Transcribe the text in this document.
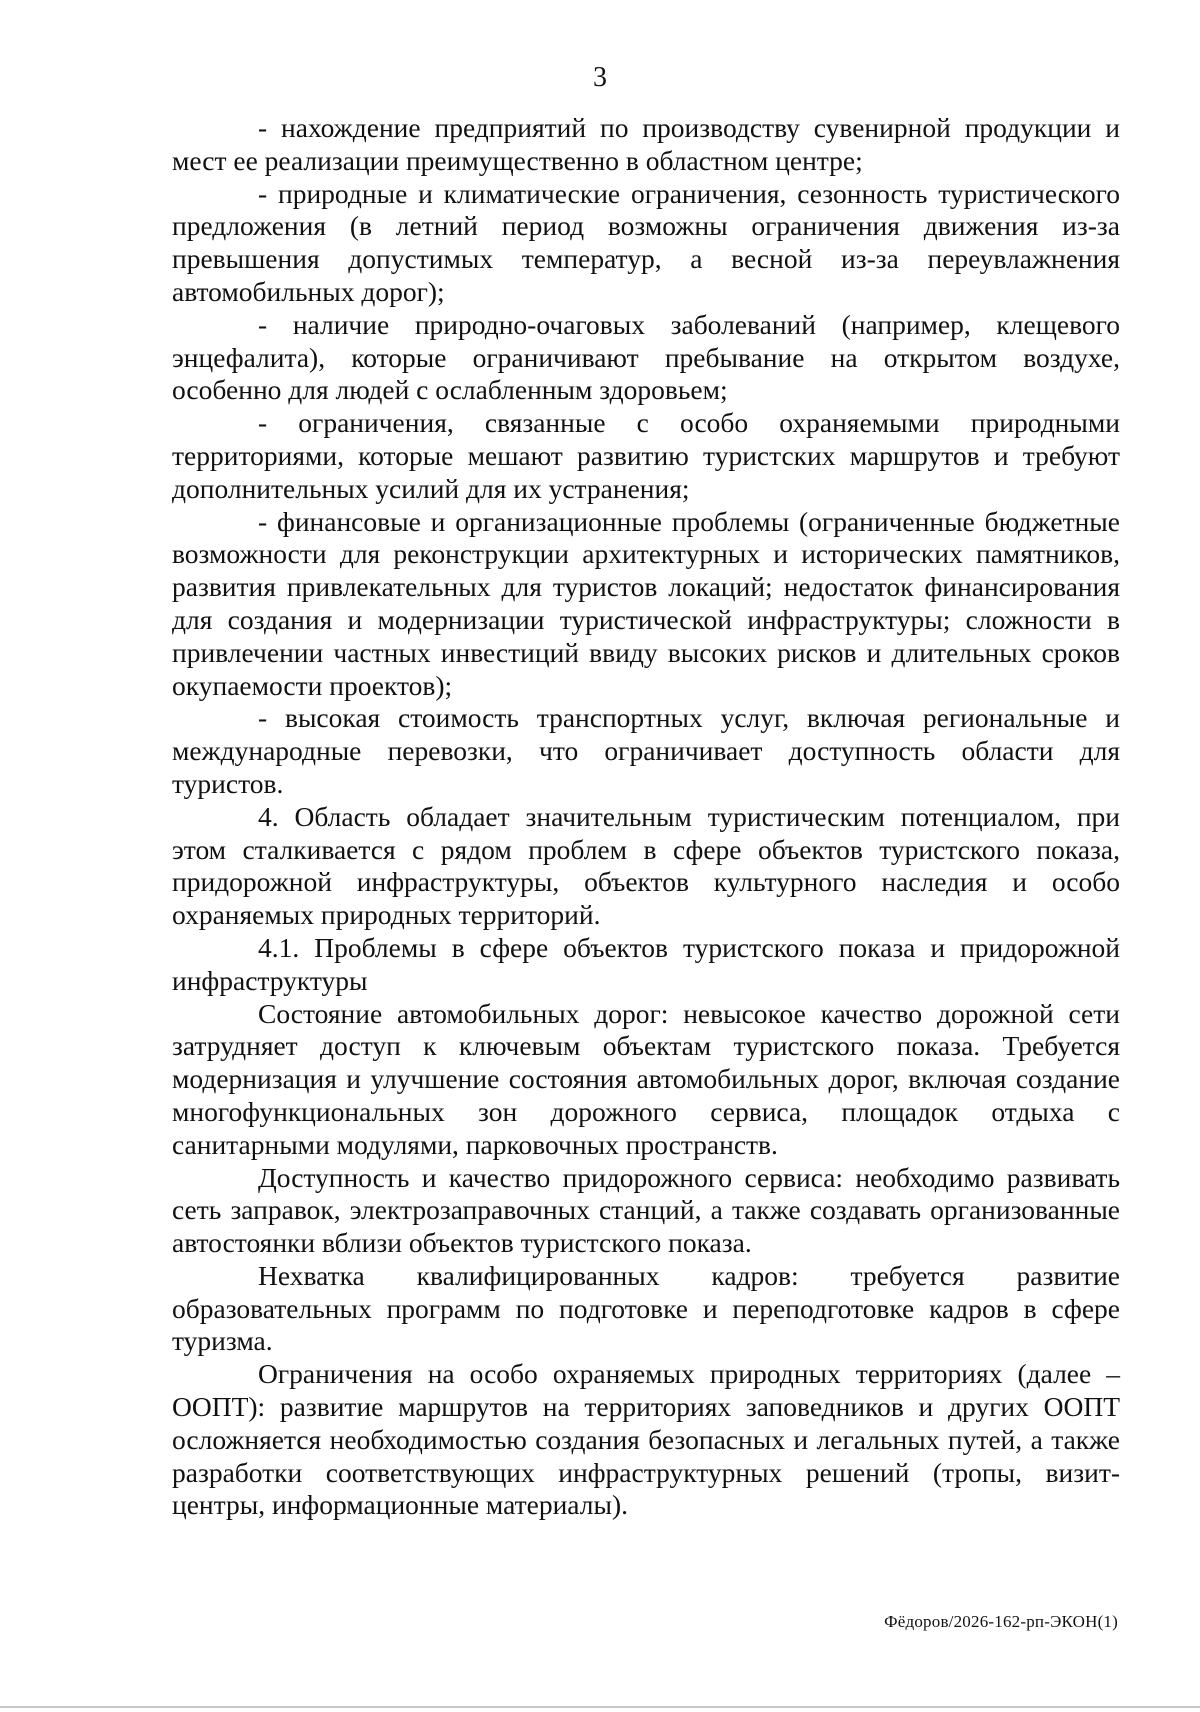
3

- нахождение предприятий по производству сувенирной продукции и мест ее реализации преимущественно в областном центре;

- природные и климатические ограничения, сезонность туристического предложения (в летний период возможны ограничения движения из-за превышения допустимых температур, а весной из-за переувлажнения автомобильных дорог);

- наличие природно-очаговых заболеваний (например, клещевого энцефалита), которые ограничивают пребывание на открытом воздухе, особенно для людей с ослабленным здоровьем;

- ограничения, связанные с особо охраняемыми природными территориями, которые мешают развитию туристских маршрутов и требуют дополнительных усилий для их устранения;

- финансовые и организационные проблемы (ограниченные бюджетные возможности для реконструкции архитектурных и исторических памятников, развития привлекательных для туристов локаций; недостаток финансирования для создания и модернизации туристической инфраструктуры; сложности в привлечении частных инвестиций ввиду высоких рисков и длительных сроков окупаемости проектов);

- высокая стоимость транспортных услуг, включая региональные и международные перевозки, что ограничивает доступность области для туристов.

4. Область обладает значительным туристическим потенциалом, при этом сталкивается с рядом проблем в сфере объектов туристского показа, придорожной инфраструктуры, объектов культурного наследия и особо охраняемых природных территорий.

4.1. Проблемы в сфере объектов туристского показа и придорожной инфраструктуры

Состояние автомобильных дорог: невысокое качество дорожной сети затрудняет доступ к ключевым объектам туристского показа. Требуется модернизация и улучшение состояния автомобильных дорог, включая создание многофункциональных зон дорожного сервиса, площадок отдыха с санитарными модулями, парковочных пространств.

Доступность и качество придорожного сервиса: необходимо развивать сеть заправок, электрозаправочных станций, а также создавать организованные автостоянки вблизи объектов туристского показа.

Нехватка квалифицированных кадров: требуется развитие образовательных программ по подготовке и переподготовке кадров в сфере туризма.

Ограничения на особо охраняемых природных территориях (далее – ООПТ): развитие маршрутов на территориях заповедников и других ООПТ осложняется необходимостью создания безопасных и легальных путей, а также разработки соответствующих инфраструктурных решений (тропы, визит-центры, информационные материалы).

Фёдоров/2026-162-рп-ЭКОН(1)
